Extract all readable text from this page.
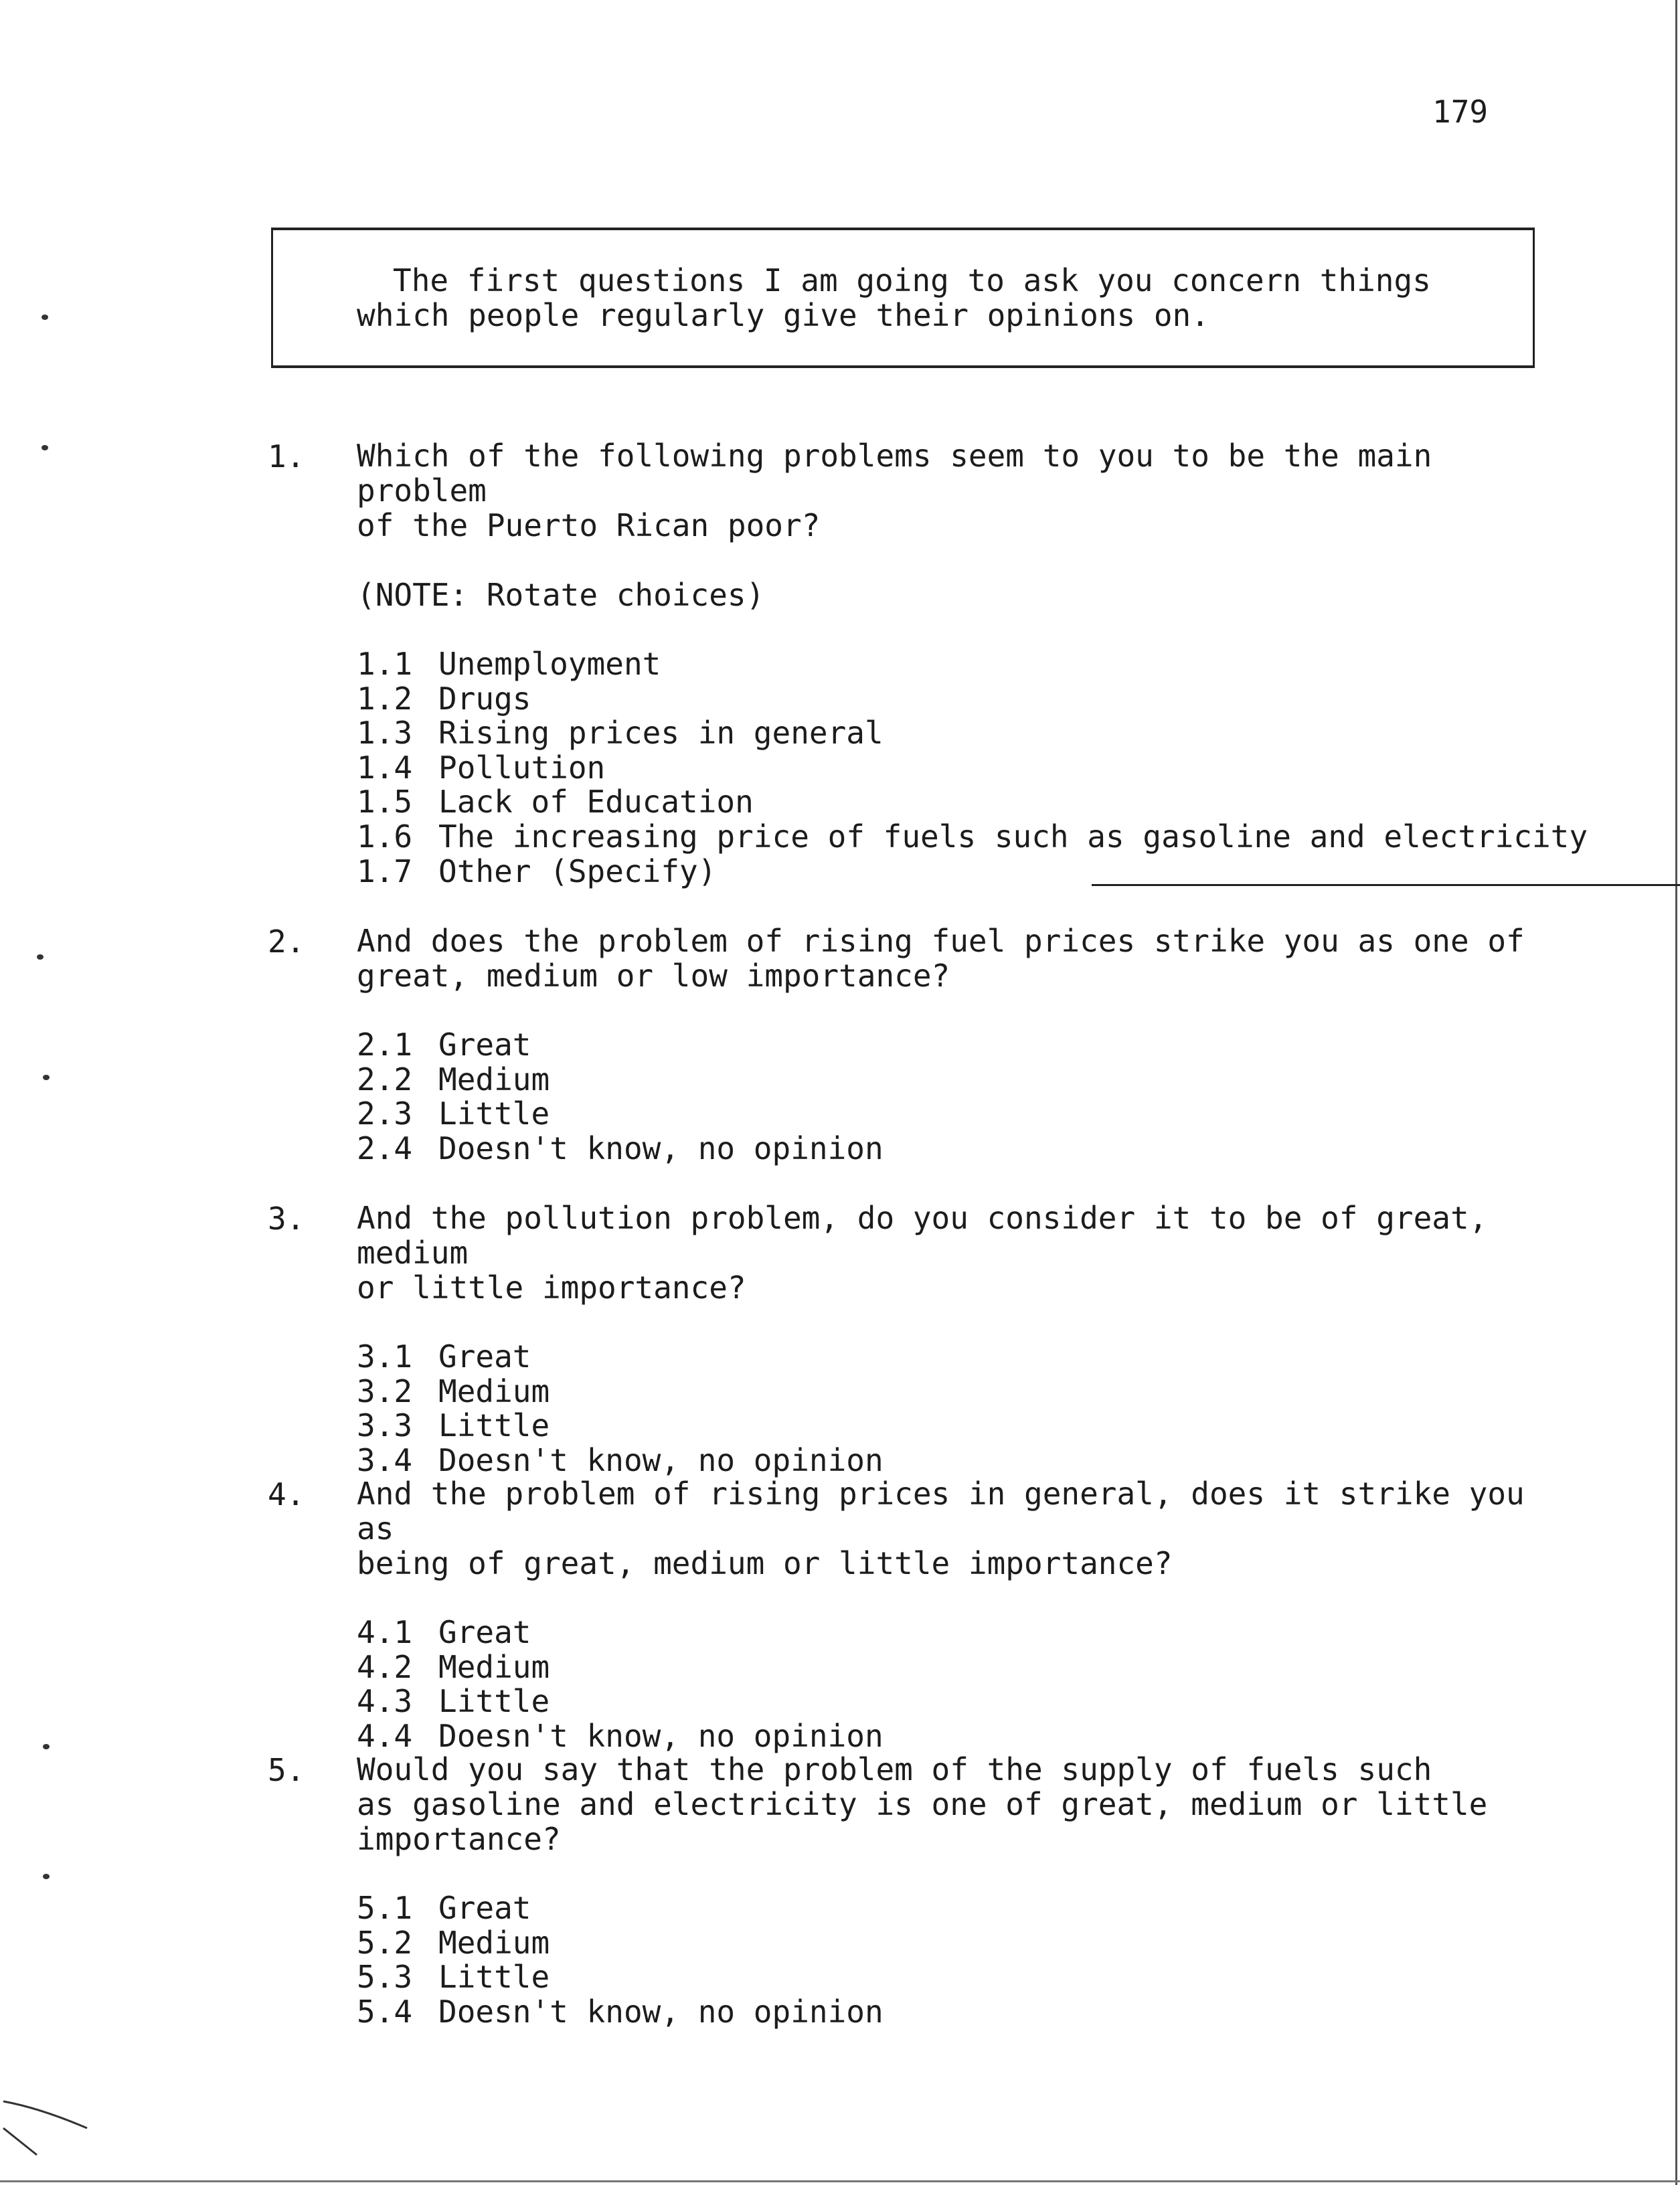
179
The first questions I am going to ask you concern things
which people regularly give their opinions on.
1. Which of the following problems seem to you to be the main problem
of the Puerto Rican poor?
(NOTE: Rotate choices)
1.1 Unemployment
1.2 Drugs
1.3 Rising prices in general
1.4 Pollution
1.5 Lack of Education
1.6 The increasing price of fuels such as gasoline and electricity
1.7 Other (Specify)
2. And does the problem of rising fuel prices strike you as one of
great, medium or low importance?
2.1 Great
2.2 Medium
2.3 Little
2.4 Doesn't know, no opinion
3. And the pollution problem, do you consider it to be of great, medium
or little importance?
3.1 Great
3.2 Medium
3.3 Little
3.4 Doesn't know, no opinion
4. And the problem of rising prices in general, does it strike you as
being of great, medium or little importance?
4.1 Great
4.2 Medium
4.3 Little
4.4 Doesn't know, no opinion
5. Would you say that the problem of the supply of fuels such
as gasoline and electricity is one of great, medium or little
importance?
5.1 Great
5.2 Medium
5.3 Little
5.4 Doesn't know, no opinion
